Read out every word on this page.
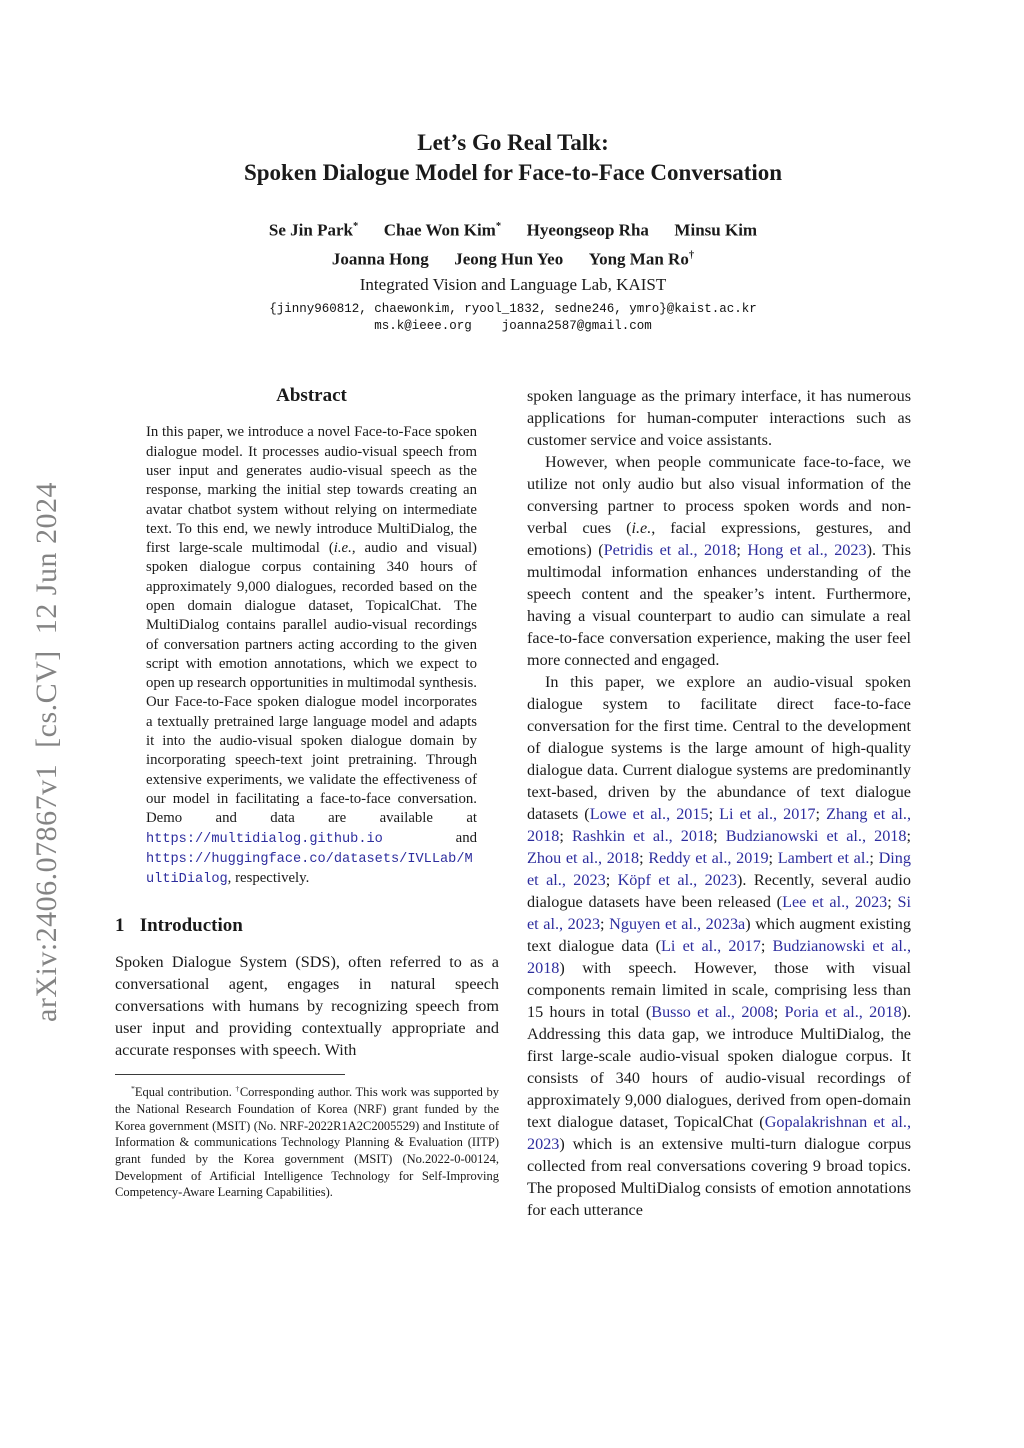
arXiv:2406.07867v1  [cs.CV]  12 Jun 2024
Let’s Go Real Talk:
Spoken Dialogue Model for Face-to-Face Conversation
Se Jin Park* Chae Won Kim* Hyeongseop Rha Minsu Kim
Joanna Hong Jeong Hun Yeo Yong Man Ro†
Integrated Vision and Language Lab, KAIST
{jinny960812, chaewonkim, ryool_1832, sedne246, ymro}@kaist.ac.kr
ms.k@ieee.org    joanna2587@gmail.com
Abstract

In this paper, we introduce a novel Face-to-Face spoken dialogue model. It processes audio-visual speech from user input and generates audio-visual speech as the response, marking the initial step towards creating an avatar chatbot system without relying on intermediate text. To this end, we newly introduce MultiDialog, the first large-scale multimodal (i.e., audio and visual) spoken dialogue corpus containing 340 hours of approximately 9,000 dialogues, recorded based on the open domain dialogue dataset, TopicalChat. The MultiDialog contains parallel audio-visual recordings of conversation partners acting according to the given script with emotion annotations, which we expect to open up research opportunities in multimodal synthesis. Our Face-to-Face spoken dialogue model incorporates a textually pretrained large language model and adapts it into the audio-visual spoken dialogue domain by incorporating speech-text joint pretraining. Through extensive experiments, we validate the effectiveness of our model in facilitating a face-to-face conversation. Demo and data are available at https://multidialog.github.io and https://huggingface.co/datasets/IVLLab/MultiDialog, respectively.

1 Introduction

Spoken Dialogue System (SDS), often referred to as a conversational agent, engages in natural speech conversations with humans by recognizing speech from user input and providing contextually appropriate and accurate responses with speech. With

*Equal contribution. †Corresponding author. This work was supported by the National Research Foundation of Korea (NRF) grant funded by the Korea government (MSIT) (No. NRF-2022R1A2C2005529) and Institute of Information & communications Technology Planning & Evaluation (IITP) grant funded by the Korea government (MSIT) (No.2022-0-00124, Development of Artificial Intelligence Technology for Self-Improving Competency-Aware Learning Capabilities).

spoken language as the primary interface, it has numerous applications for human-computer interactions such as customer service and voice assistants.

However, when people communicate face-to-face, we utilize not only audio but also visual information of the conversing partner to process spoken words and non-verbal cues (i.e., facial expressions, gestures, and emotions) (Petridis et al., 2018; Hong et al., 2023). This multimodal information enhances understanding of the speech content and the speaker’s intent. Furthermore, having a visual counterpart to audio can simulate a real face-to-face conversation experience, making the user feel more connected and engaged.

In this paper, we explore an audio-visual spoken dialogue system to facilitate direct face-to-face conversation for the first time. Central to the development of dialogue systems is the large amount of high-quality dialogue data. Current dialogue systems are predominantly text-based, driven by the abundance of text dialogue datasets (Lowe et al., 2015; Li et al., 2017; Zhang et al., 2018; Rashkin et al., 2018; Budzianowski et al., 2018; Zhou et al., 2018; Reddy et al., 2019; Lambert et al.; Ding et al., 2023; Köpf et al., 2023). Recently, several audio dialogue datasets have been released (Lee et al., 2023; Si et al., 2023; Nguyen et al., 2023a) which augment existing text dialogue data (Li et al., 2017; Budzianowski et al., 2018) with speech. However, those with visual components remain limited in scale, comprising less than 15 hours in total (Busso et al., 2008; Poria et al., 2018). Addressing this data gap, we introduce MultiDialog, the first large-scale audio-visual spoken dialogue corpus. It consists of 340 hours of audio-visual recordings of approximately 9,000 dialogues, derived from open-domain text dialogue dataset, TopicalChat (Gopalakrishnan et al., 2023) which is an extensive multi-turn dialogue corpus collected from real conversations covering 9 broad topics. The proposed MultiDialog consists of emotion annotations for each utterance
